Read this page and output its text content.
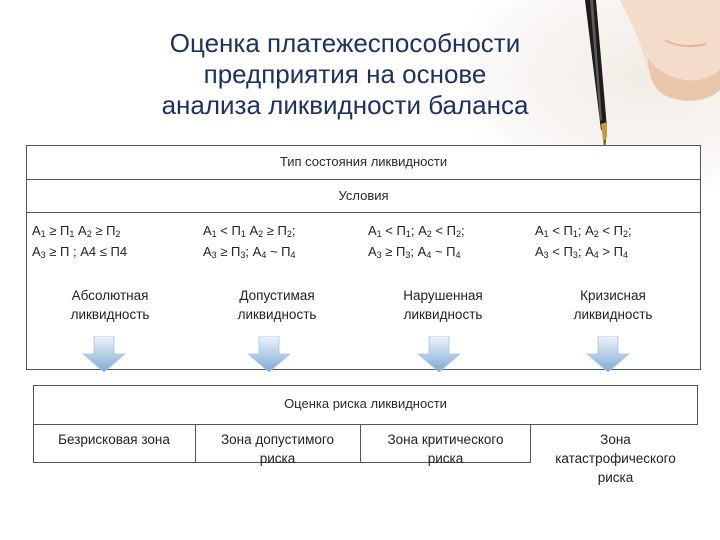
Оценка платежеспособности
предприятия на основе
анализа ликвидности баланса
Тип состояния ликвидности
Условия
$А_1 \ge П_1$ $А_2 \ge П_2$
$А_3 \ge П$ ; А4 ≤ П4
$А_1 < П_1$ $А_2 \ge П_2$;
$А_3 \ge П_3$; $А_4$ ~ $П_4$
$А_1 < П_1$; $А_2 < П_2$;
$А_3 \ge П_3$; $А_4$ ~ $П_4$
$А_1 < П_1$; $А_2 < П_2$;
$А_3 < П_3$; $А_4 > П_4$
Абсолютная
ликвидность
Допустимая
ликвидность
Нарушенная
ликвидность
Кризисная
ликвидность
Оценка риска ликвидности
Безрисковая зона	Зона допустимого
риска
Зона критического
риска
Зона
катастрофического
риска
